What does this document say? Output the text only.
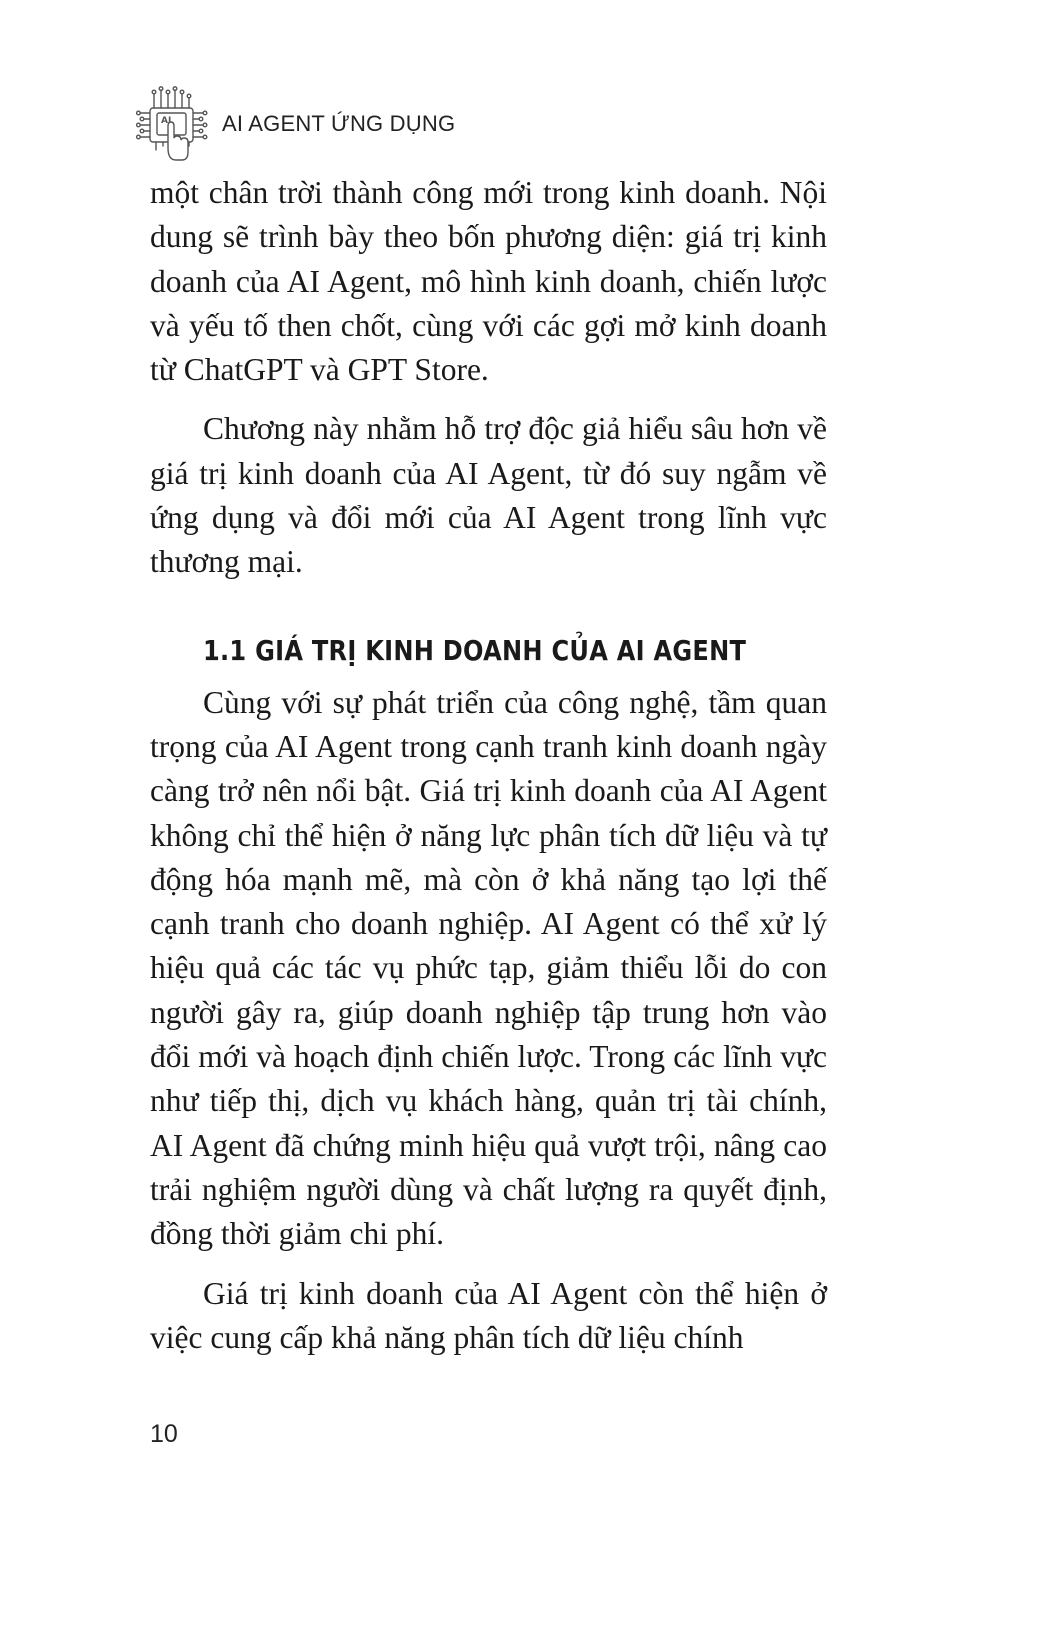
AI AI AGENT ỨNG DỤNG

một chân trời thành công mới trong kinh doanh. Nội dung sẽ trình bày theo bốn phương diện: giá trị kinh doanh của AI Agent, mô hình kinh doanh, chiến lược và yếu tố then chốt, cùng với các gợi mở kinh doanh từ ChatGPT và GPT Store.

Chương này nhằm hỗ trợ độc giả hiểu sâu hơn về giá trị kinh doanh của AI Agent, từ đó suy ngẫm về ứng dụng và đổi mới của AI Agent trong lĩnh vực thương mại.

1.1 GIÁ TRỊ KINH DOANH CỦA AI AGENT

Cùng với sự phát triển của công nghệ, tầm quan trọng của AI Agent trong cạnh tranh kinh doanh ngày càng trở nên nổi bật. Giá trị kinh doanh của AI Agent không chỉ thể hiện ở năng lực phân tích dữ liệu và tự động hóa mạnh mẽ, mà còn ở khả năng tạo lợi thế cạnh tranh cho doanh nghiệp. AI Agent có thể xử lý hiệu quả các tác vụ phức tạp, giảm thiểu lỗi do con người gây ra, giúp doanh nghiệp tập trung hơn vào đổi mới và hoạch định chiến lược. Trong các lĩnh vực như tiếp thị, dịch vụ khách hàng, quản trị tài chính, AI Agent đã chứng minh hiệu quả vượt trội, nâng cao trải nghiệm người dùng và chất lượng ra quyết định, đồng thời giảm chi phí.

Giá trị kinh doanh của AI Agent còn thể hiện ở việc cung cấp khả năng phân tích dữ liệu chính

10
